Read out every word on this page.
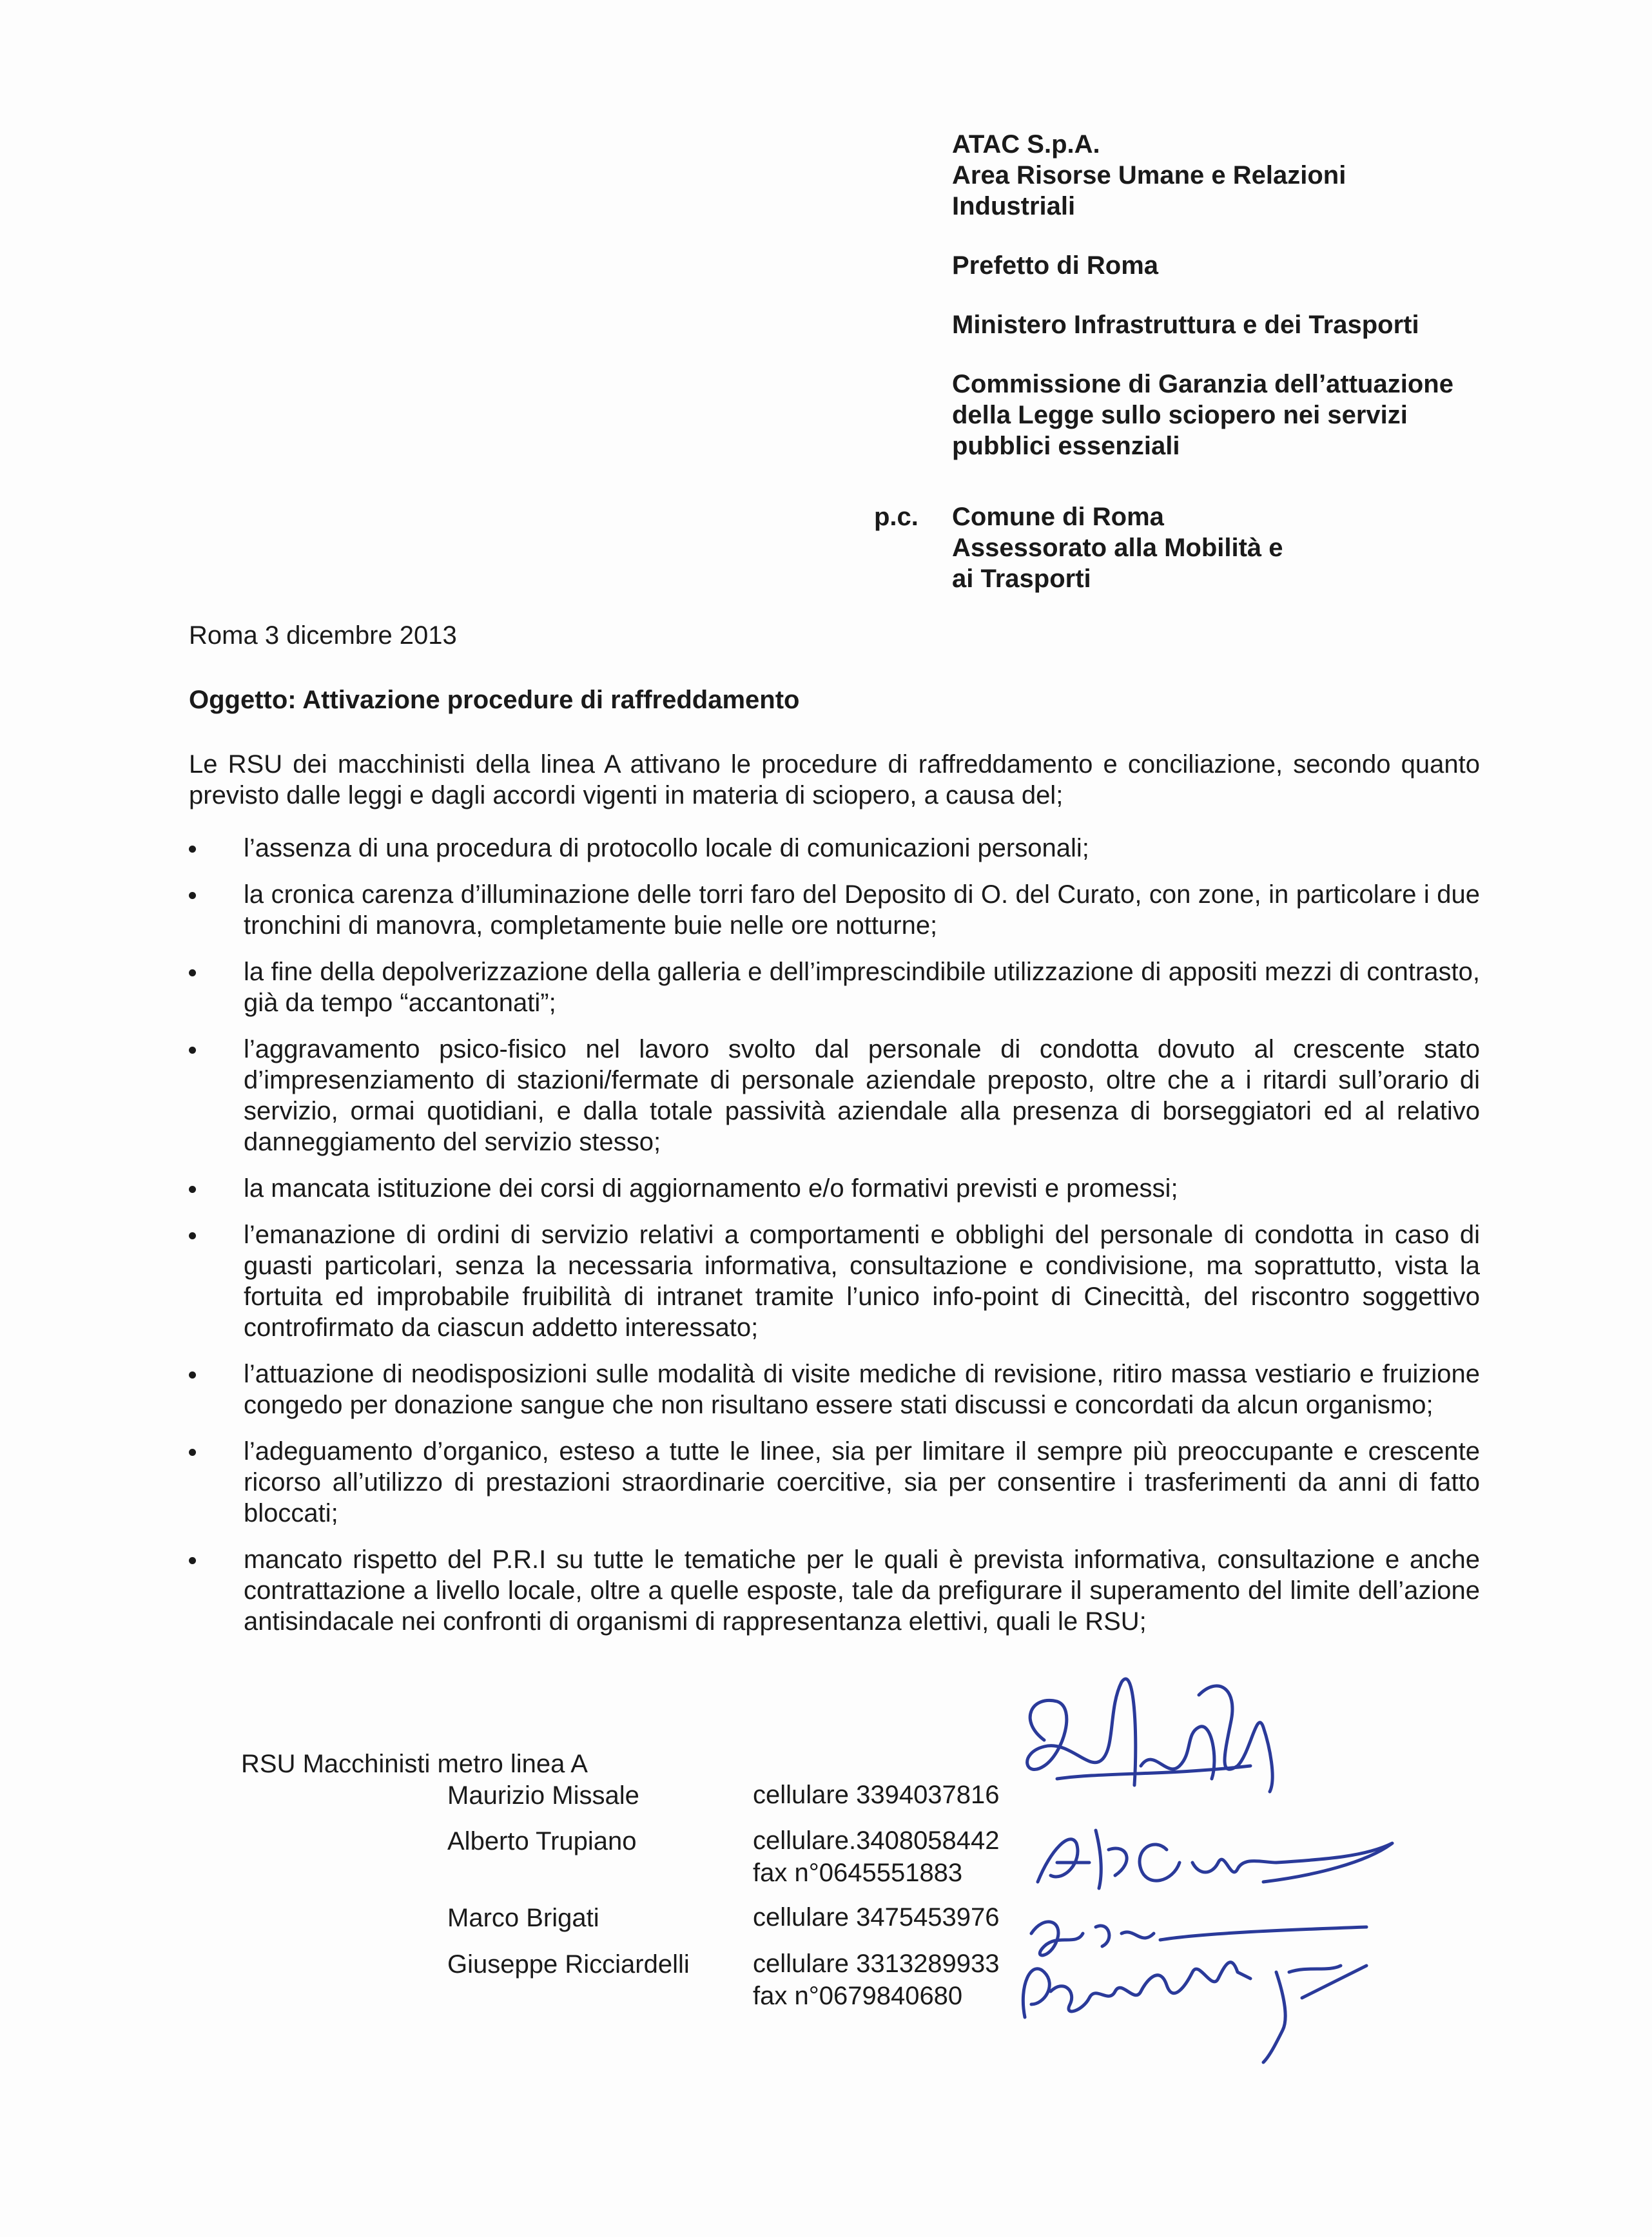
ATAC S.p.A.
Area Risorse Umane e Relazioni
Industriali
Prefetto di Roma
Ministero Infrastruttura e dei Trasporti
Commissione di Garanzia dell’attuazione
della Legge sullo sciopero nei servizi
pubblici essenziali
p.c. Comune di Roma
Assessorato alla Mobilità e
ai Trasporti
Roma 3 dicembre 2013
Oggetto: Attivazione procedure di raffreddamento
Le RSU dei macchinisti della linea A attivano le procedure di raffreddamento e conciliazione, secondo quanto previsto dalle leggi e dagli accordi vigenti in materia di sciopero, a causa del;
l’assenza di una procedura di protocollo locale di comunicazioni personali;
la cronica carenza d’illuminazione delle torri faro del Deposito di O. del Curato, con zone, in particolare i due tronchini di manovra, completamente buie nelle ore notturne;
la fine della depolverizzazione della galleria e dell’imprescindibile utilizzazione di appositi mezzi di contrasto, già da tempo “accantonati”;
l’aggravamento psico-fisico nel lavoro svolto dal personale di condotta dovuto al crescente stato d’impresenziamento di stazioni/fermate di personale aziendale preposto, oltre che a i ritardi sull’orario di servizio, ormai quotidiani, e dalla totale passività aziendale alla presenza di borseggiatori ed al relativo danneggiamento del servizio stesso;
la mancata istituzione dei corsi di aggiornamento e/o formativi previsti e promessi;
l’emanazione di ordini di servizio relativi a comportamenti e obblighi del personale di condotta in caso di guasti particolari, senza la necessaria informativa, consultazione e condivisione, ma soprattutto, vista la fortuita ed improbabile fruibilità di intranet tramite l’unico info-point di Cinecittà, del riscontro soggettivo controfirmato da ciascun addetto interessato;
l’attuazione di neodisposizioni sulle modalità di visite mediche di revisione, ritiro massa vestiario e fruizione congedo per donazione sangue che non risultano essere stati discussi e concordati da alcun organismo;
l’adeguamento d’organico, esteso a tutte le linee, sia per limitare il sempre più preoccupante e crescente ricorso all’utilizzo di prestazioni straordinarie coercitive, sia per consentire i trasferimenti da anni di fatto bloccati;
mancato rispetto del P.R.I su tutte le tematiche per le quali è prevista informativa, consultazione e anche contrattazione a livello locale, oltre a quelle esposte, tale da prefigurare il superamento del limite dell’azione antisindacale nei confronti di organismi di rappresentanza elettivi, quali le RSU;
RSU Macchinisti metro linea A
Maurizio Missale	cellulare 3394037816
Alberto Trupiano	cellulare.3408058442
fax n°0645551883
Marco Brigati	cellulare 3475453976
Giuseppe Ricciardelli cellulare 3313289933
fax n°0679840680
